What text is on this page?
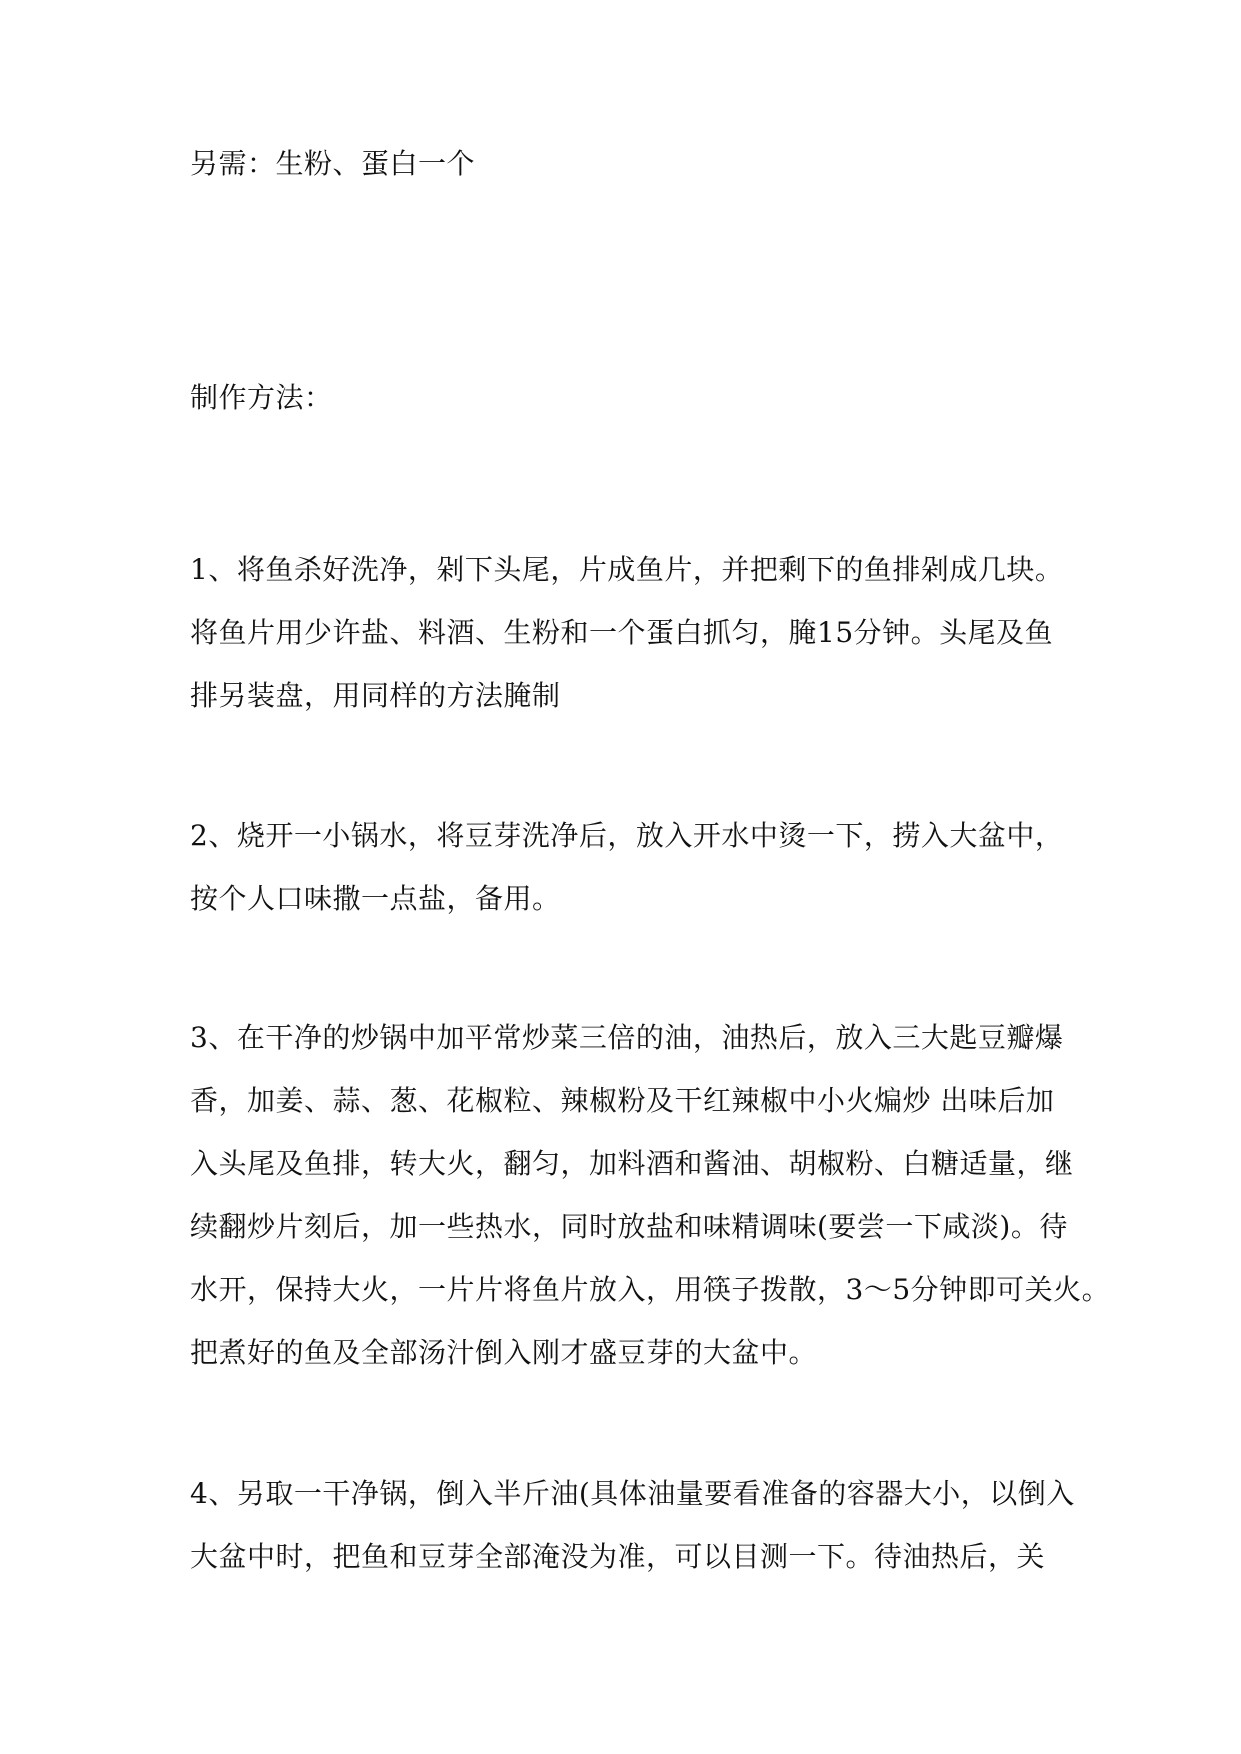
另需：生粉、蛋白一个

制作方法：

1、将鱼杀好洗净，剁下头尾，片成鱼片，并把剩下的鱼排剁成几块。

将鱼片用少许盐、料酒、生粉和一个蛋白抓匀，腌15分钟。头尾及鱼

排另装盘，用同样的方法腌制

2、烧开一小锅水，将豆芽洗净后，放入开水中烫一下，捞入大盆中，

按个人口味撒一点盐，备用。

3、在干净的炒锅中加平常炒菜三倍的油，油热后，放入三大匙豆瓣爆

香，加姜、蒜、葱、花椒粒、辣椒粉及干红辣椒中小火煸炒 出味后加

入头尾及鱼排，转大火，翻匀，加料酒和酱油、胡椒粉、白糖适量，继

续翻炒片刻后，加一些热水，同时放盐和味精调味(要尝一下咸淡)。待

水开，保持大火，一片片将鱼片放入，用筷子拨散，3～5分钟即可关火。

把煮好的鱼及全部汤汁倒入刚才盛豆芽的大盆中。

4、另取一干净锅，倒入半斤油(具体油量要看准备的容器大小，以倒入

大盆中时，把鱼和豆芽全部淹没为准，可以目测一下。待油热后，关
